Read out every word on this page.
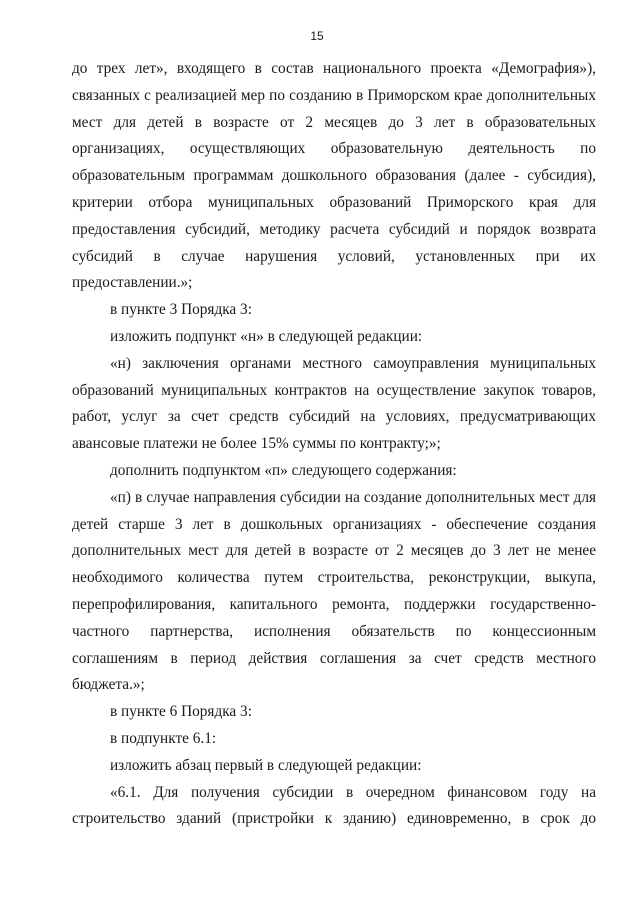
15
до трех лет», входящего в состав национального проекта «Демография»),
связанных с реализацией мер по созданию в Приморском крае дополнительных
мест для детей в возрасте от 2 месяцев до 3 лет в образовательных
организациях, осуществляющих образовательную деятельность по
образовательным программам дошкольного образования (далее - субсидия),
критерии отбора муниципальных образований Приморского края для
предоставления субсидий, методику расчета субсидий и порядок возврата
субсидий в случае нарушения условий, установленных при их
предоставлении.»;
в пункте 3 Порядка 3:
изложить подпункт «н» в следующей редакции:
«н) заключения органами местного самоуправления муниципальных
образований муниципальных контрактов на осуществление закупок товаров,
работ, услуг за счет средств субсидий на условиях, предусматривающих
авансовые платежи не более 15% суммы по контракту;»;
дополнить подпунктом «п» следующего содержания:
«п) в случае направления субсидии на создание дополнительных мест для
детей старше 3 лет в дошкольных организациях - обеспечение создания
дополнительных мест для детей в возрасте от 2 месяцев до 3 лет не менее
необходимого количества путем строительства, реконструкции, выкупа,
перепрофилирования, капитального ремонта, поддержки государственно-
частного партнерства, исполнения обязательств по концессионным
соглашениям в период действия соглашения за счет средств местного
бюджета.»;
в пункте 6 Порядка 3:
в подпункте 6.1:
изложить абзац первый в следующей редакции:
«6.1. Для получения субсидии в очередном финансовом году на
строительство зданий (пристройки к зданию) единовременно, в срок до
